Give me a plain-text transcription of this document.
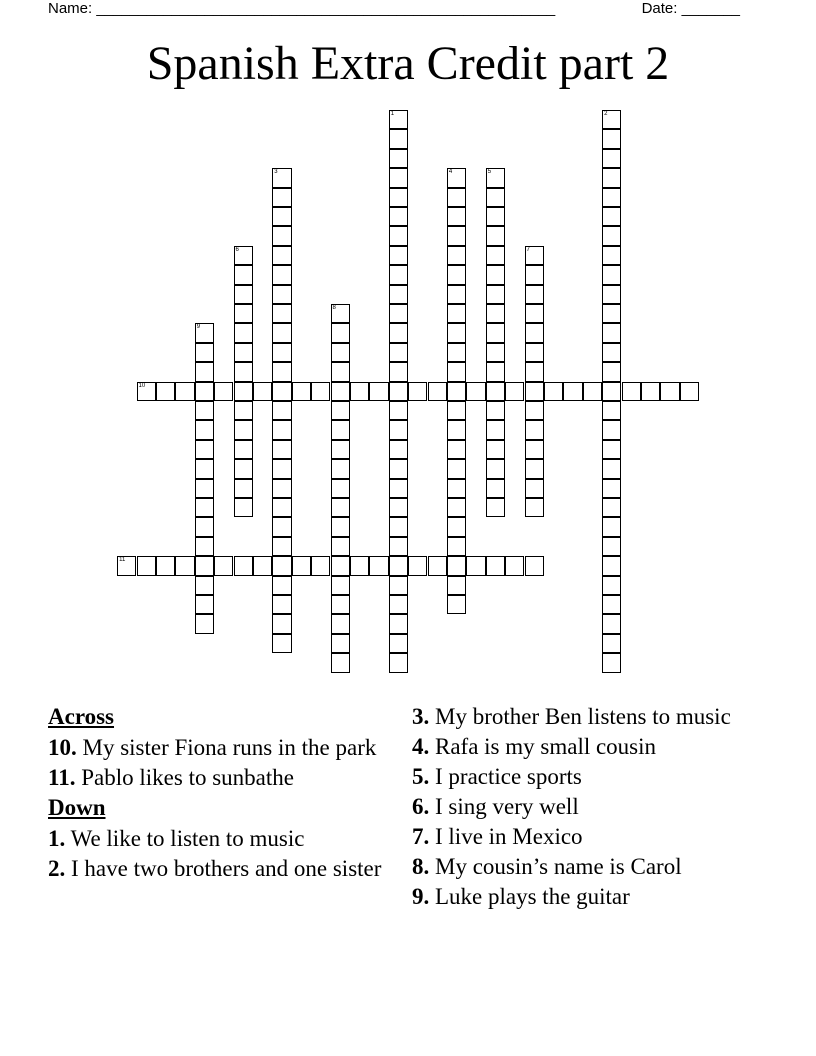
Name: _______________________________________________________	Date: _______
Spanish Extra Credit part 2
1	2
3	4	5
6	7
8
9
10
11
Across
10. My sister Fiona runs in the park
11. Pablo likes to sunbathe
Down
1. We like to listen to music
2. I have two brothers and one sister
3. My brother Ben listens to music
4. Rafa is my small cousin
5. I practice sports
6. I sing very well
7. I live in Mexico
8. My cousin’s name is Carol
9. Luke plays the guitar
